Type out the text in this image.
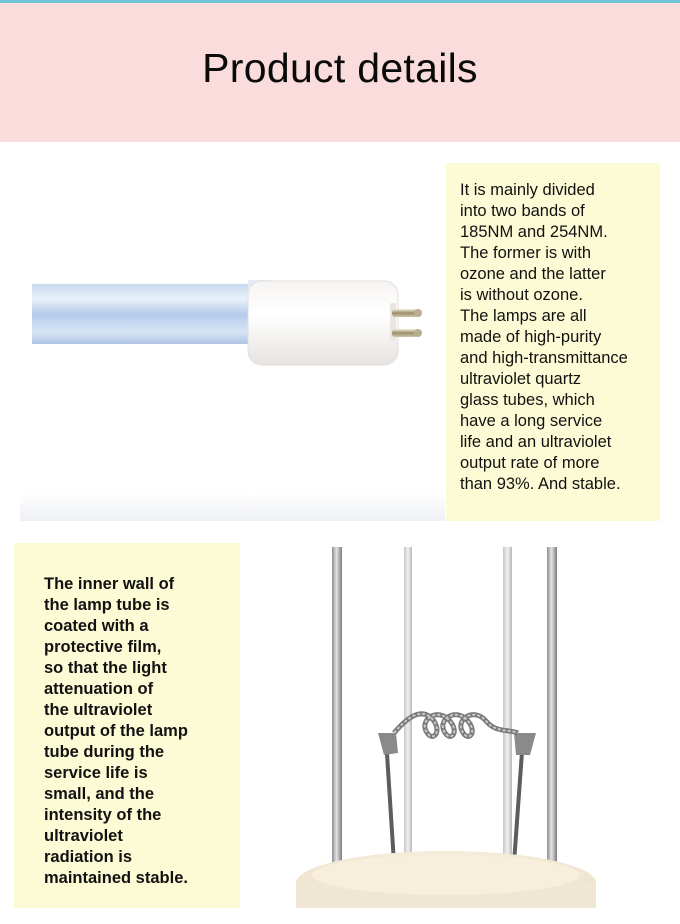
Product details
It is mainly divided
into two bands of
185NM and 254NM.
The former is with
ozone and the latter
is without ozone.
The lamps are all
made of high-purity
and high-transmittance
ultraviolet quartz
glass tubes, which
have a long service
life and an ultraviolet
output rate of more
than 93%. And stable.
The inner wall of
the lamp tube is
coated with a
protective film,
so that the light
attenuation of
the ultraviolet
output of the lamp
tube during the
service life is
small, and the
intensity of the
ultraviolet
radiation is
maintained stable.
